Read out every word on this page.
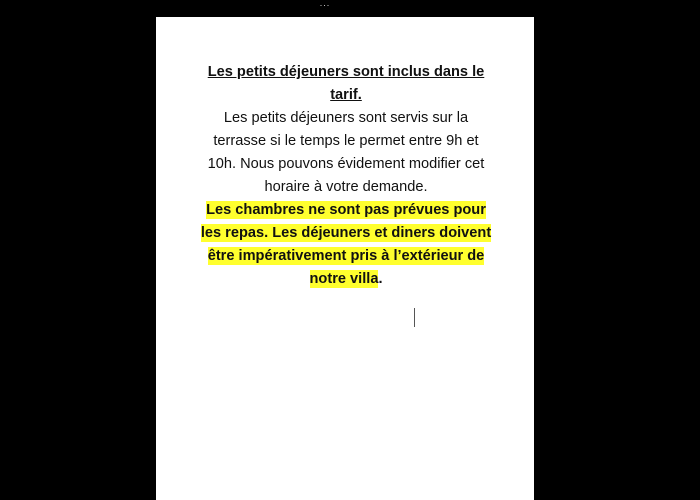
...

Les petits déjeuners sont inclus dans le tarif.

Les petits déjeuners sont servis sur la terrasse si le temps le permet entre 9h et 10h. Nous pouvons évidement modifier cet horaire à votre demande.

Les chambres ne sont pas prévues pour les repas. Les déjeuners et diners doivent être impérativement pris à l’extérieur de notre villa.
